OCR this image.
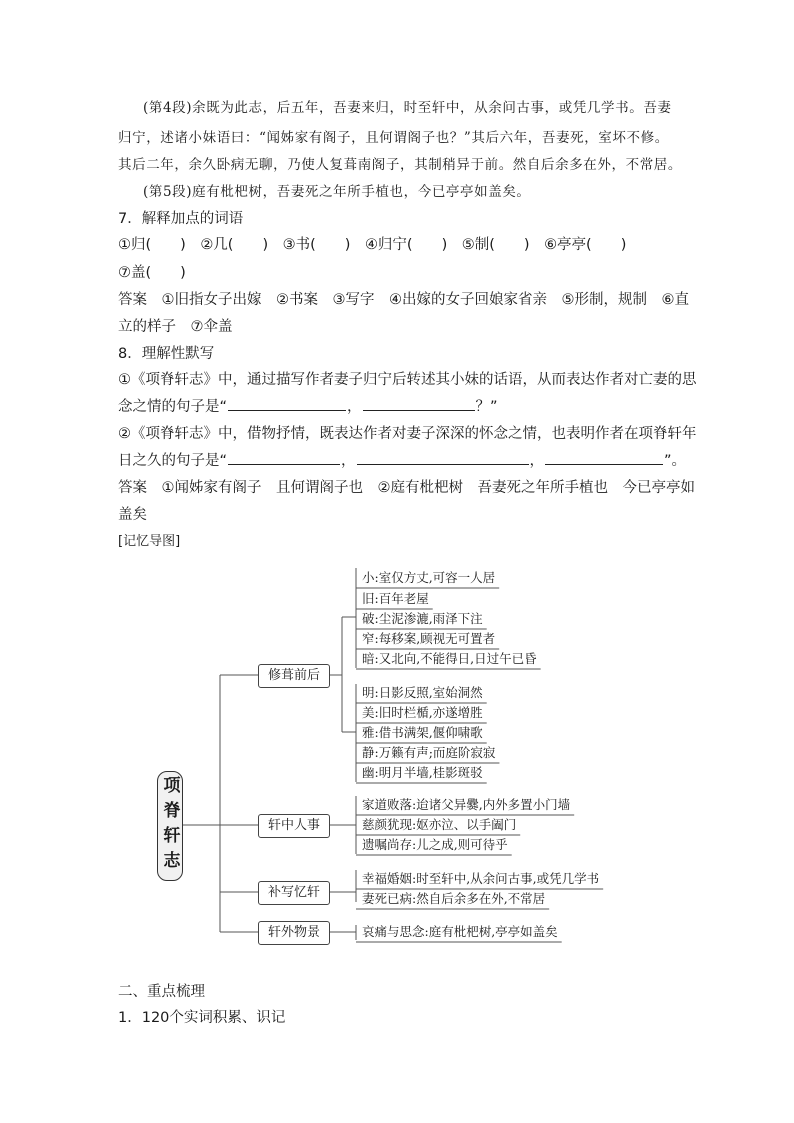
(第4段)余既为此志，后五年，吾妻来归，时至轩中，从余问古事，或凭几学书。吾妻
归宁，述诸小妹语曰：“闻姊家有阁子，且何谓阁子也？”其后六年，吾妻死，室坏不修。
其后二年，余久卧病无聊，乃使人复葺南阁子，其制稍异于前。然自后余多在外，不常居。
(第5段)庭有枇杷树，吾妻死之年所手植也，今已亭亭如盖矣。
7．解释加点的词语
①归(　　)　②几(　　)　③书(　　)　④归宁(　　)　⑤制(　　)　⑥亭亭(　　)
⑦盖(　　)
答案　 ①旧指女子出嫁　②书案　③写字　④出嫁的女子回娘家省亲　⑤形制，规制　⑥直
立的样子　⑦伞盖
8．理解性默写
①《项脊轩志》中，通过描写作者妻子归宁后转述其小妹的话语，从而表达作者对亡妻的思
念之情的句子是“	，	？”
②《项脊轩志》中，借物抒情，既表达作者对妻子深深的怀念之情，也表明作者在项脊轩年
日之久的句子是“	，	，	”。
答案　 ①闻姊家有阁子　且何谓阁子也　②庭有枇杷树　吾妻死之年所手植也　今已亭亭如
盖矣
[记忆导图]
项脊轩志
修葺前后
轩中人事
补写忆轩
轩外物景
小:室仅方丈,可容一人居
旧:百年老屋
破:尘泥渗漉,雨泽下注
窄:每移案,顾视无可置者
暗:又北向,不能得日,日过午已昏
明:日影反照,室始洞然
美:旧时栏楯,亦遂增胜
雅:借书满架,偃仰啸歌
静:万籁有声;而庭阶寂寂
幽:明月半墙,桂影斑驳
家道败落:迨诸父异爨,内外多置小门墙
慈颜犹现:妪亦泣、以手阖门
遗嘱尚存:儿之成,则可待乎
幸福婚姻:时至轩中,从余问古事,或凭几学书
妻死已病:然自后余多在外,不常居
哀痛与思念:庭有枇杷树,亭亭如盖矣
二、重点梳理
1．120个实词积累、识记
